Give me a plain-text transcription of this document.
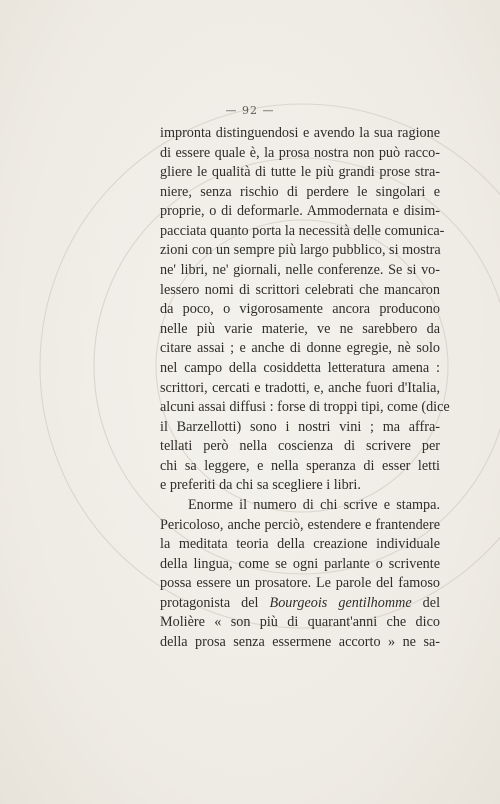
— 92 —
impronta distinguendosi e avendo la sua ragione
di essere quale è, la prosa nostra non può racco-
gliere le qualità di tutte le più grandi prose stra-
niere, senza rischio di perdere le singolari e
proprie, o di deformarle. Ammodernata e disim-
pacciata quanto porta la necessità delle comunica-
zioni con un sempre più largo pubblico, si mostra
ne' libri, ne' giornali, nelle conferenze. Se si vo-
lessero nomi di scrittori celebrati che mancaron
da poco, o vigorosamente ancora producono
nelle più varie materie, ve ne sarebbero da
citare assai ; e anche di donne egregie, nè solo
nel campo della cosiddetta letteratura amena :
scrittori, cercati e tradotti, e, anche fuori d'Italia,
alcuni assai diffusi : forse di troppi tipi, come (dice
il Barzellotti) sono i nostri vini ; ma affra-
tellati però nella coscienza di scrivere per
chi sa leggere, e nella speranza di esser letti
e preferiti da chi sa scegliere i libri.
Enorme il numero di chi scrive e stampa.
Pericoloso, anche perciò, estendere e frantendere
la meditata teoria della creazione individuale
della lingua, come se ogni parlante o scrivente
possa essere un prosatore. Le parole del famoso
protagonista del Bourgeois gentilhomme del
Molière « son più di quarant'anni che dico
della prosa senza essermene accorto » ne sa-
